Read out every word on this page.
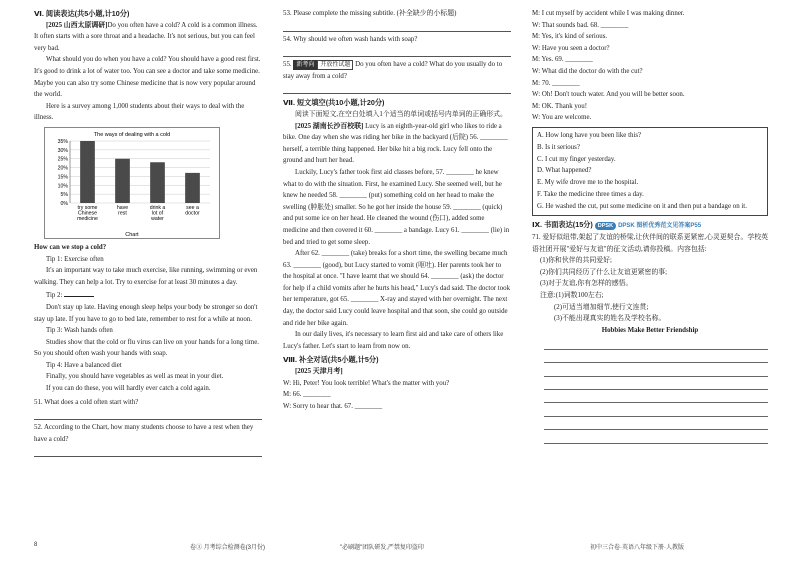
Ⅵ. 阅读表达(共5小题,计10分)

[2025 山西太原调研]Do you often have a cold? A cold is a common illness. It often starts with a sore throat and a headache. It's not serious, but you can feel very bad.

What should you do when you have a cold? You should have a good rest first. It's good to drink a lot of water too. You can see a doctor and take some medicine. Maybe you can also try some Chinese medicine that is now very popular around the world.

Here is a survey among 1,000 students about their ways to deal with the illness.

The ways of dealing with a cold
35%
30%
25%
20%
15%
10%
5%
0%
try some
Chinese
medicine
have
rest
drink a
lot of
water
see a
doctor
Chart

How can we stop a cold?

Tip 1: Exercise often

It's an important way to take much exercise, like running, swimming or even walking. They can help a lot. Try to exercise for at least 30 minutes a day.

Tip 2:

Don't stay up late. Having enough sleep helps your body be stronger so don't stay up late. If you have to go to bed late, remember to rest for a while at noon.

Tip 3: Wash hands often

Studies show that the cold or flu virus can live on your hands for a long time. So you should often wash your hands with soap.

Tip 4: Have a balanced diet

Finally, you should have vegetables as well as meat in your diet.

If you can do these, you will hardly ever catch a cold again.

51. What does a cold often start with?

52. According to the Chart, how many students choose to have a rest when they have a cold?

53. Please complete the missing subtitle. (补全缺少的小标题)

54. Why should we often wash hands with soap?

55. 新考向 开放性试题 Do you often have a cold? What do you usually do to stay away from a cold?

Ⅶ. 短文填空(共10小题,计20分)

阅读下面短文,在空白处填入1个适当的单词或括号内单词的正确形式。

[2025 湖南长沙百校联] Lucy is an eighth-year-old girl who likes to ride a bike. One day when she was riding her bike in the backyard (后院) 56. ________ herself, a terrible thing happened. Her bike hit a big rock. Lucy fell onto the ground and hurt her head.

Luckily, Lucy's father took first aid classes before, 57. ________ he knew what to do with the situation. First, he examined Lucy. She seemed well, but he knew he needed 58. ________ (put) something cold on her head to make the swelling (肿胀处) smaller. So he got her inside the house 59. ________ (quick) and put some ice on her head. He cleaned the wound (伤口), added some medicine and then covered it 60. ________ a bandage. Lucy 61. ________ (lie) in bed and tried to get some sleep.

After 62. ________ (take) breaks for a short time, the swelling became much 63. ________ (good), but Lucy started to vomit (呕吐). Her parents took her to the hospital at once. "I have learnt that we should 64. ________ (ask) the doctor for help if a child vomits after he hurts his head," Lucy's dad said. The doctor took her temperature, got 65. ________ X-ray and stayed with her overnight. The next day, the doctor said Lucy could leave hospital and that soon, she could go outside and ride her bike again.

In our daily lives, it's necessary to learn first aid and take care of others like Lucy's father. Let's start to learn from now on.

Ⅷ. 补全对话(共5小题,计5分)

[2025 天津月考]

W: Hi, Peter! You look terrible! What's the matter with you?

M: 66. ________

W: Sorry to hear that. 67. ________

M: I cut myself by accident while I was making dinner.

W: That sounds bad. 68. ________

M: Yes, it's kind of serious.

W: Have you seen a doctor?

M: Yes. 69. ________

W: What did the doctor do with the cut?

M: 70. ________

W: Oh! Don't touch water. And you will be better soon.

M: OK. Thank you!

W: You are welcome.

A. How long have you been like this?

B. Is it serious?

C. I cut my finger yesterday.

D. What happened?

E. My wife drove me to the hospital.

F. Take the medicine three times a day.

G. He washed the cut, put some medicine on it and then put a bandage on it.

Ⅸ. 书面表达(15分) DPSK DPSK 图析优秀范文见答案P55

71. 爱好似纽带,架起了友谊的桥梁,让伙伴间的联系更紧密,心灵更契合。学校英语社团开展"爱好与友谊"的征文活动,请你投稿。内容包括:

(1)你和伙伴的共同爱好;

(2)你们共同经历了什么让友谊更紧密的事;

(3)对于友谊,你有怎样的感悟。

注意:(1)词数100左右;

(2)可适当增加细节,使行文连贯;

(3)不能出现真实的姓名及学校名称。

Hobbies Make Better Friendship

8	卷③ 月考综合检测卷(3月份)	"必刷题"团队研发,严禁复印盗印	初中三合卷·英语八年级下册·人教版
